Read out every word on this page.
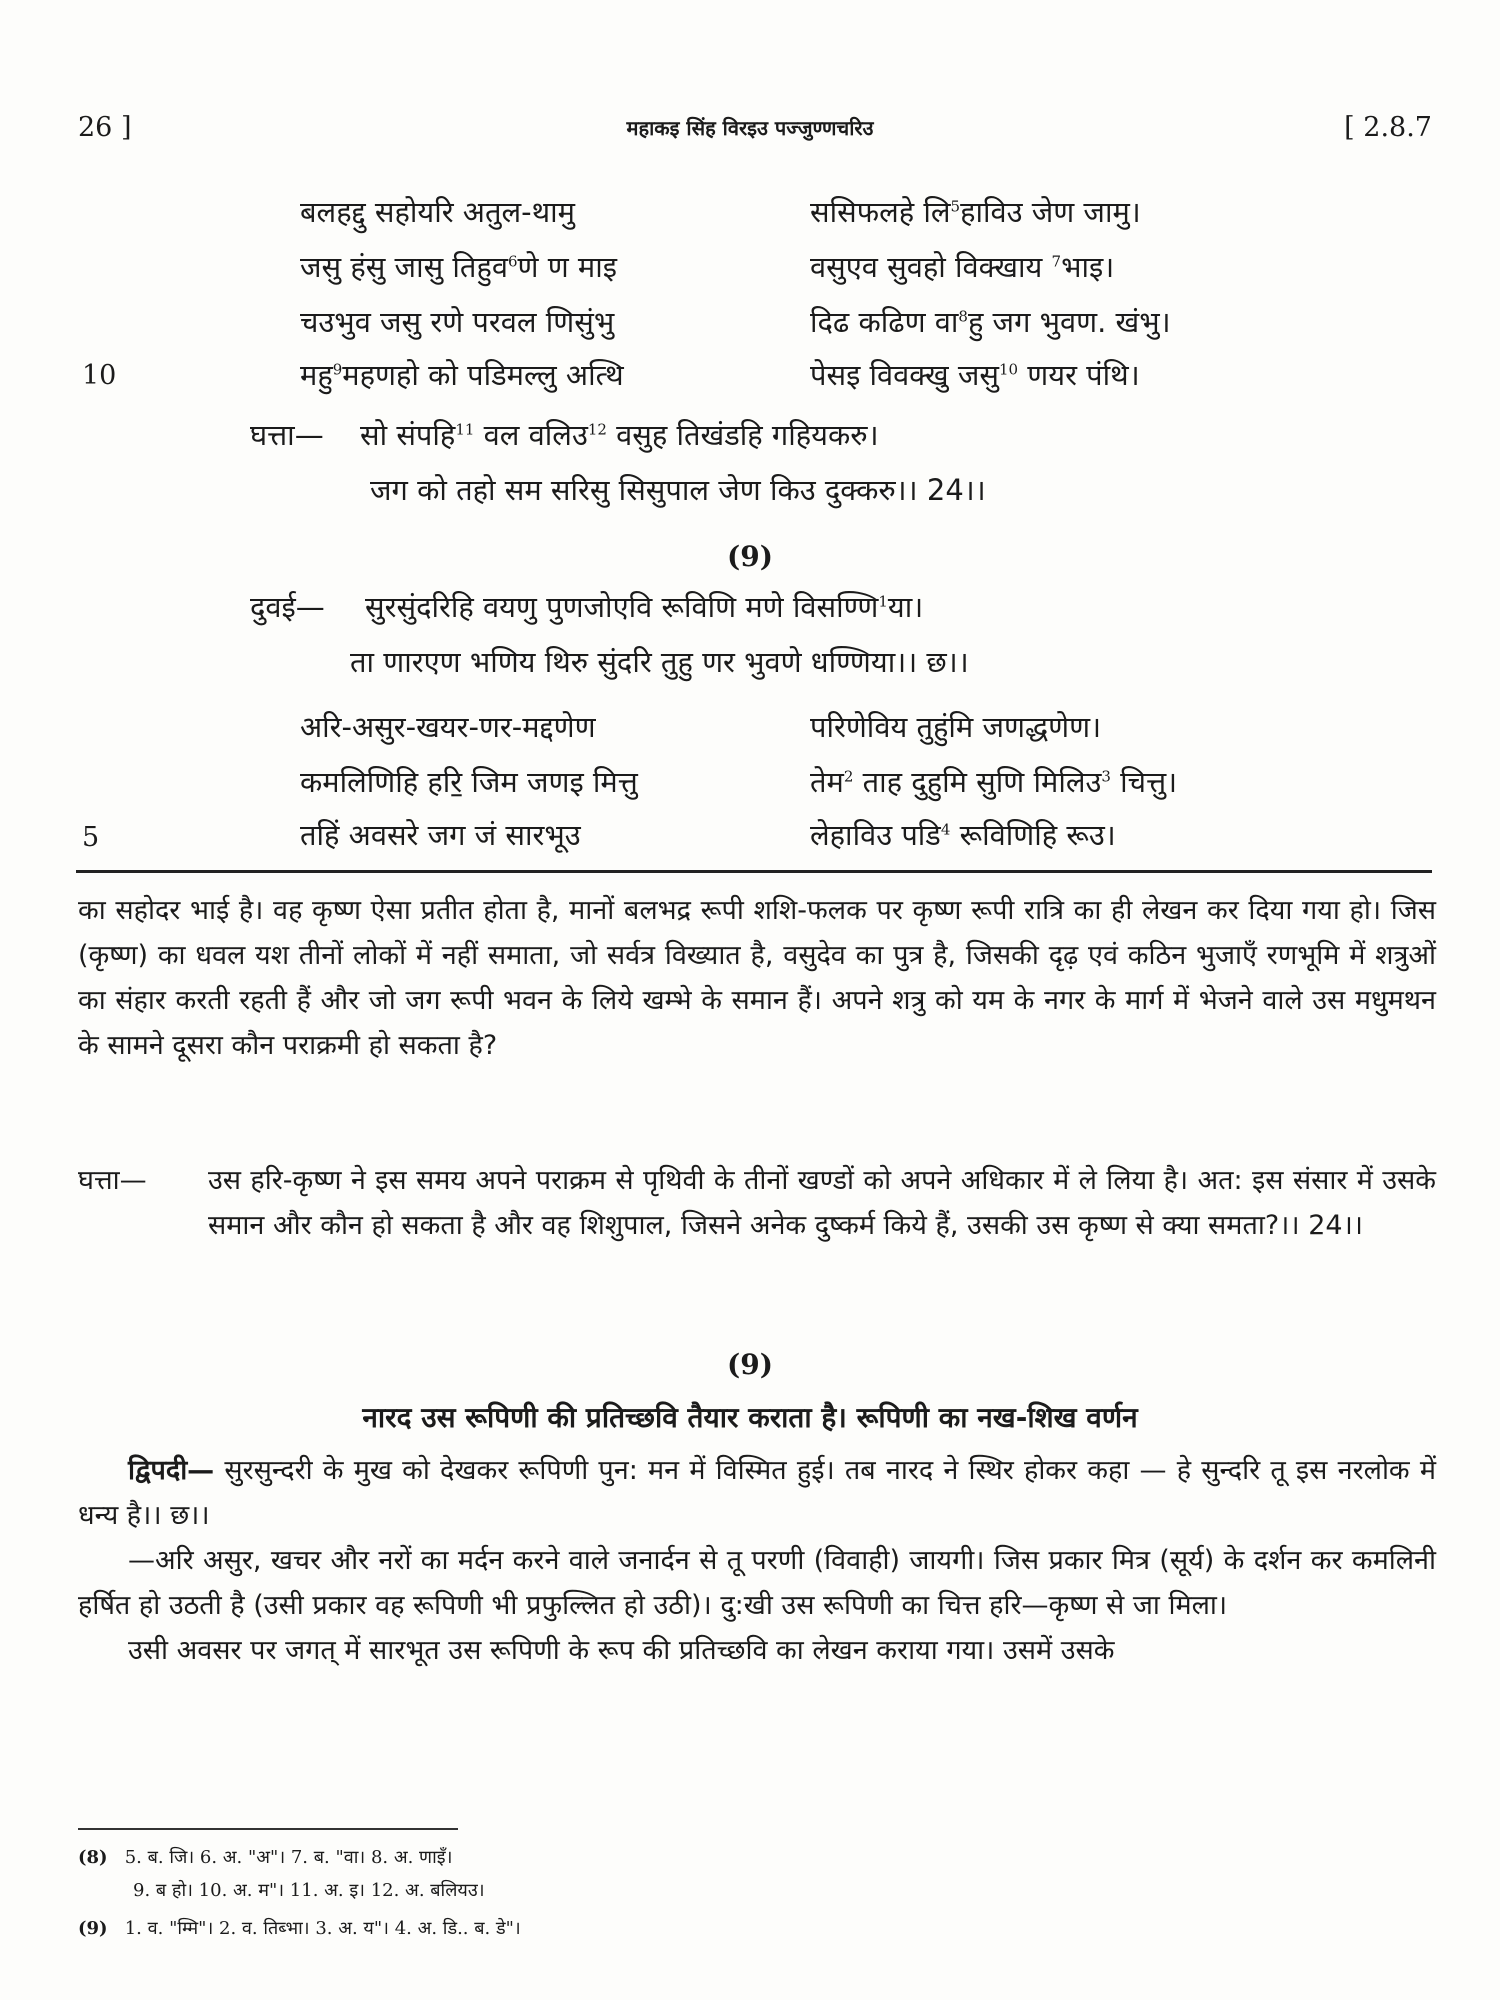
26 ]	महाकइ सिंह विरइउ पज्जुण्णचरिउ	[ 2.8.7
बलहद्दु सहोयरि अतुल-थामु	ससिफलहे लि$^5$हाविउ जेण जामु।
जसु हंसु जासु तिहुव$^6$णे ण माइ	वसुएव सुवहो विक्खाय $^7$भाइ।
चउभुव जसु रणे परवल णिसुंभु	दिढ कढिण वा$^8$हु जग भुवण. खंभु।
10	महु$^9$महणहो को पडिमल्लु अत्थि	पेसइ विवक्खु जसु$^{10}$ णयर पंथि।
घत्ता— सो संपहि$^{11}$ वल वलिउ$^{12}$ वसुह तिखंडहि गहियकरु।
जग को तहो सम सरिसु सिसुपाल जेण किउ दुक्करु।। 24।।
(9)
दुवई— सुरसुंदरिहि वयणु पुणजोएवि रूविणि मणे विसण्णि$^1$या।
ता णारएण भणिय थिरु सुंदरि तुहु णर भुवणे धण्णिया।। छ।।
अरि-असुर-खयर-णर-मद्दणेण	परिणेविय तुहुंमि जणद्धणेण।
कमलिणिहि हरि॒ जिम जणइ मित्तु	तेम$^2$ ताह दुहुमि सुणि मिलिउ$^3$ चित्तु।
5	तहिं अवसरे जग जं सारभूउ	लेहाविउ पडि$^4$ रूविणिहि रूउ।

का सहोदर भाई है। वह कृष्ण ऐसा प्रतीत होता है, मानों बलभद्र रूपी शशि-फलक पर कृष्ण रूपी रात्रि का ही लेखन कर दिया गया हो। जिस (कृष्ण) का धवल यश तीनों लोकों में नहीं समाता, जो सर्वत्र विख्यात है, वसुदेव का पुत्र है, जिसकी दृढ़ एवं कठिन भुजाएँ रणभूमि में शत्रुओं का संहार करती रहती हैं और जो जग रूपी भवन के लिये खम्भे के समान हैं। अपने शत्रु को यम के नगर के मार्ग में भेजने वाले उस मधुमथन के सामने दूसरा कौन पराक्रमी हो सकता है?

घत्ता— उस हरि-कृष्ण ने इस समय अपने पराक्रम से पृथिवी के तीनों खण्डों को अपने अधिकार में ले लिया है। अत: इस संसार में उसके समान और कौन हो सकता है और वह शिशुपाल, जिसने अनेक दुष्कर्म किये हैं, उसकी उस कृष्ण से क्या समता?।। 24।।
(9)
नारद उस रूपिणी की प्रतिच्छवि तैयार कराता है। रूपिणी का नख-शिख वर्णन

द्विपदी— सुरसुन्दरी के मुख को देखकर रूपिणी पुन: मन में विस्मित हुई। तब नारद ने स्थिर होकर कहा — हे सुन्दरि तू इस नरलोक में धन्य है।। छ।।

—अरि असुर, खचर और नरों का मर्दन करने वाले जनार्दन से तू परणी (विवाही) जायगी। जिस प्रकार मित्र (सूर्य) के दर्शन कर कमलिनी हर्षित हो उठती है (उसी प्रकार वह रूपिणी भी प्रफुल्लित हो उठी)। दु:खी उस रूपिणी का चित्त हरि—कृष्ण से जा मिला।

उसी अवसर पर जगत् में सारभूत उस रूपिणी के रूप की प्रतिच्छवि का लेखन कराया गया। उसमें उसके

(8) 5. ब. जि। 6. अ. "अ"। 7. ब. "वा। 8. अ. णाइँ।
9. ब हो। 10. अ. म"। 11. अ. इ। 12. अ. बलियउ।
(9) 1. व. "म्मि"। 2. व. तिब्भा। 3. अ. य"। 4. अ. डि.. ब. डे"।
